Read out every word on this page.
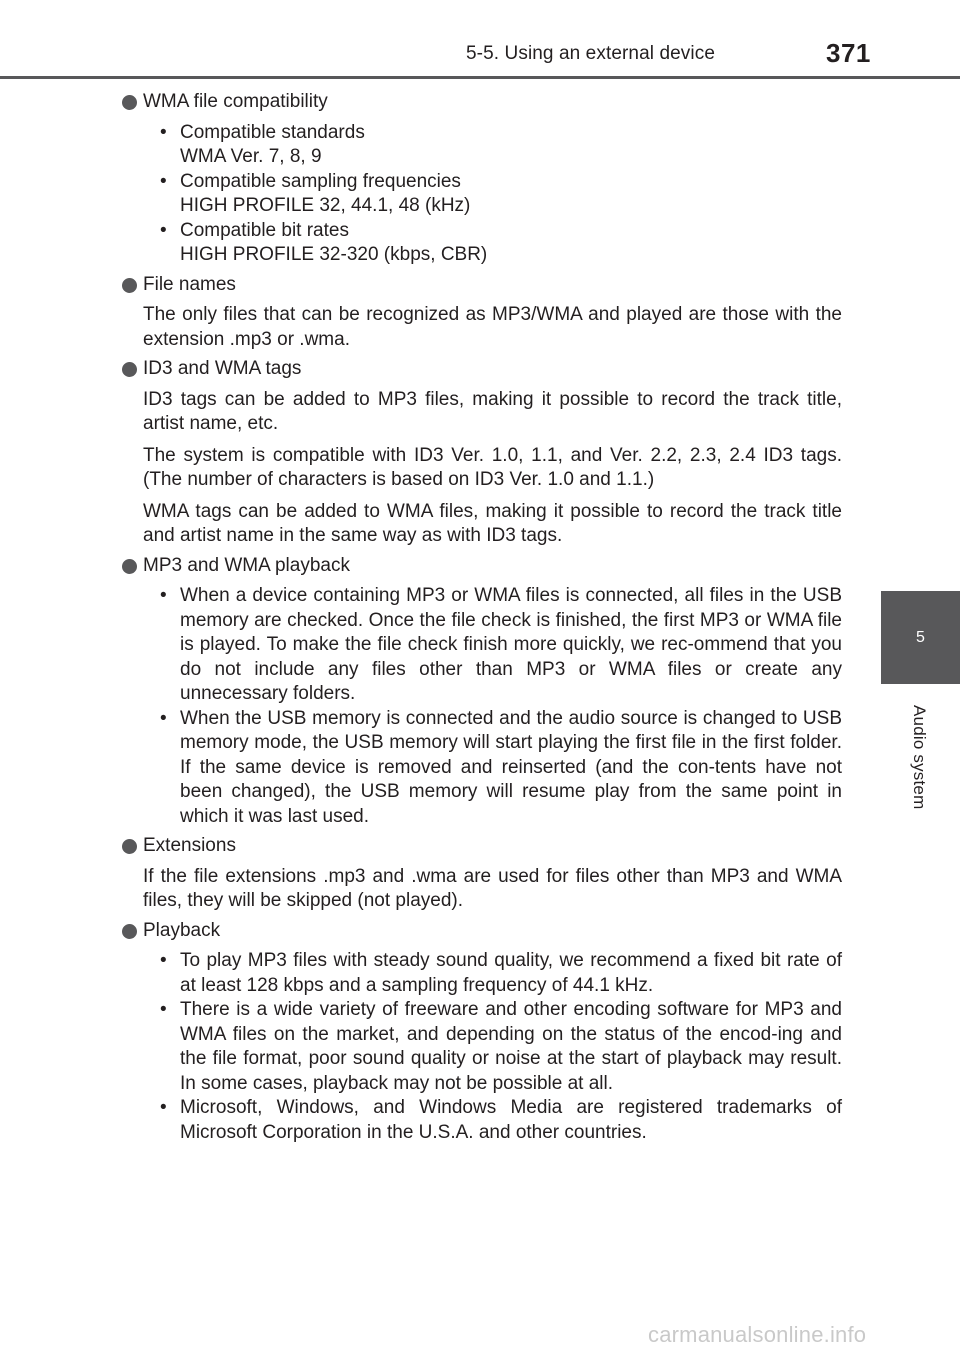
5-5. Using an external device	371
5
Audio system
WMA file compatibility
• Compatible standards
WMA Ver. 7, 8, 9
• Compatible sampling frequencies
HIGH PROFILE 32, 44.1, 48 (kHz)
• Compatible bit rates
HIGH PROFILE 32-320 (kbps, CBR)
File names
The only files that can be recognized as MP3/WMA and played are those with the extension .mp3 or .wma.
ID3 and WMA tags
ID3 tags can be added to MP3 files, making it possible to record the track title, artist name, etc.
The system is compatible with ID3 Ver. 1.0, 1.1, and Ver. 2.2, 2.3, 2.4 ID3 tags. (The number of characters is based on ID3 Ver. 1.0 and 1.1.)
WMA tags can be added to WMA files, making it possible to record the track title and artist name in the same way as with ID3 tags.
MP3 and WMA playback
• When a device containing MP3 or WMA files is connected, all files in the USB memory are checked. Once the file check is finished, the first MP3 or WMA file is played. To make the file check finish more quickly, we rec-ommend that you do not include any files other than MP3 or WMA files or create any unnecessary folders.
• When the USB memory is connected and the audio source is changed to USB memory mode, the USB memory will start playing the first file in the first folder. If the same device is removed and reinserted (and the con-tents have not been changed), the USB memory will resume play from the same point in which it was last used.
Extensions
If the file extensions .mp3 and .wma are used for files other than MP3 and WMA files, they will be skipped (not played).
Playback
• To play MP3 files with steady sound quality, we recommend a fixed bit rate of at least 128 kbps and a sampling frequency of 44.1 kHz.
• There is a wide variety of freeware and other encoding software for MP3 and WMA files on the market, and depending on the status of the encod-ing and the file format, poor sound quality or noise at the start of playback may result. In some cases, playback may not be possible at all.
• Microsoft, Windows, and Windows Media are registered trademarks of Microsoft Corporation in the U.S.A. and other countries.
carmanualsonline.info
